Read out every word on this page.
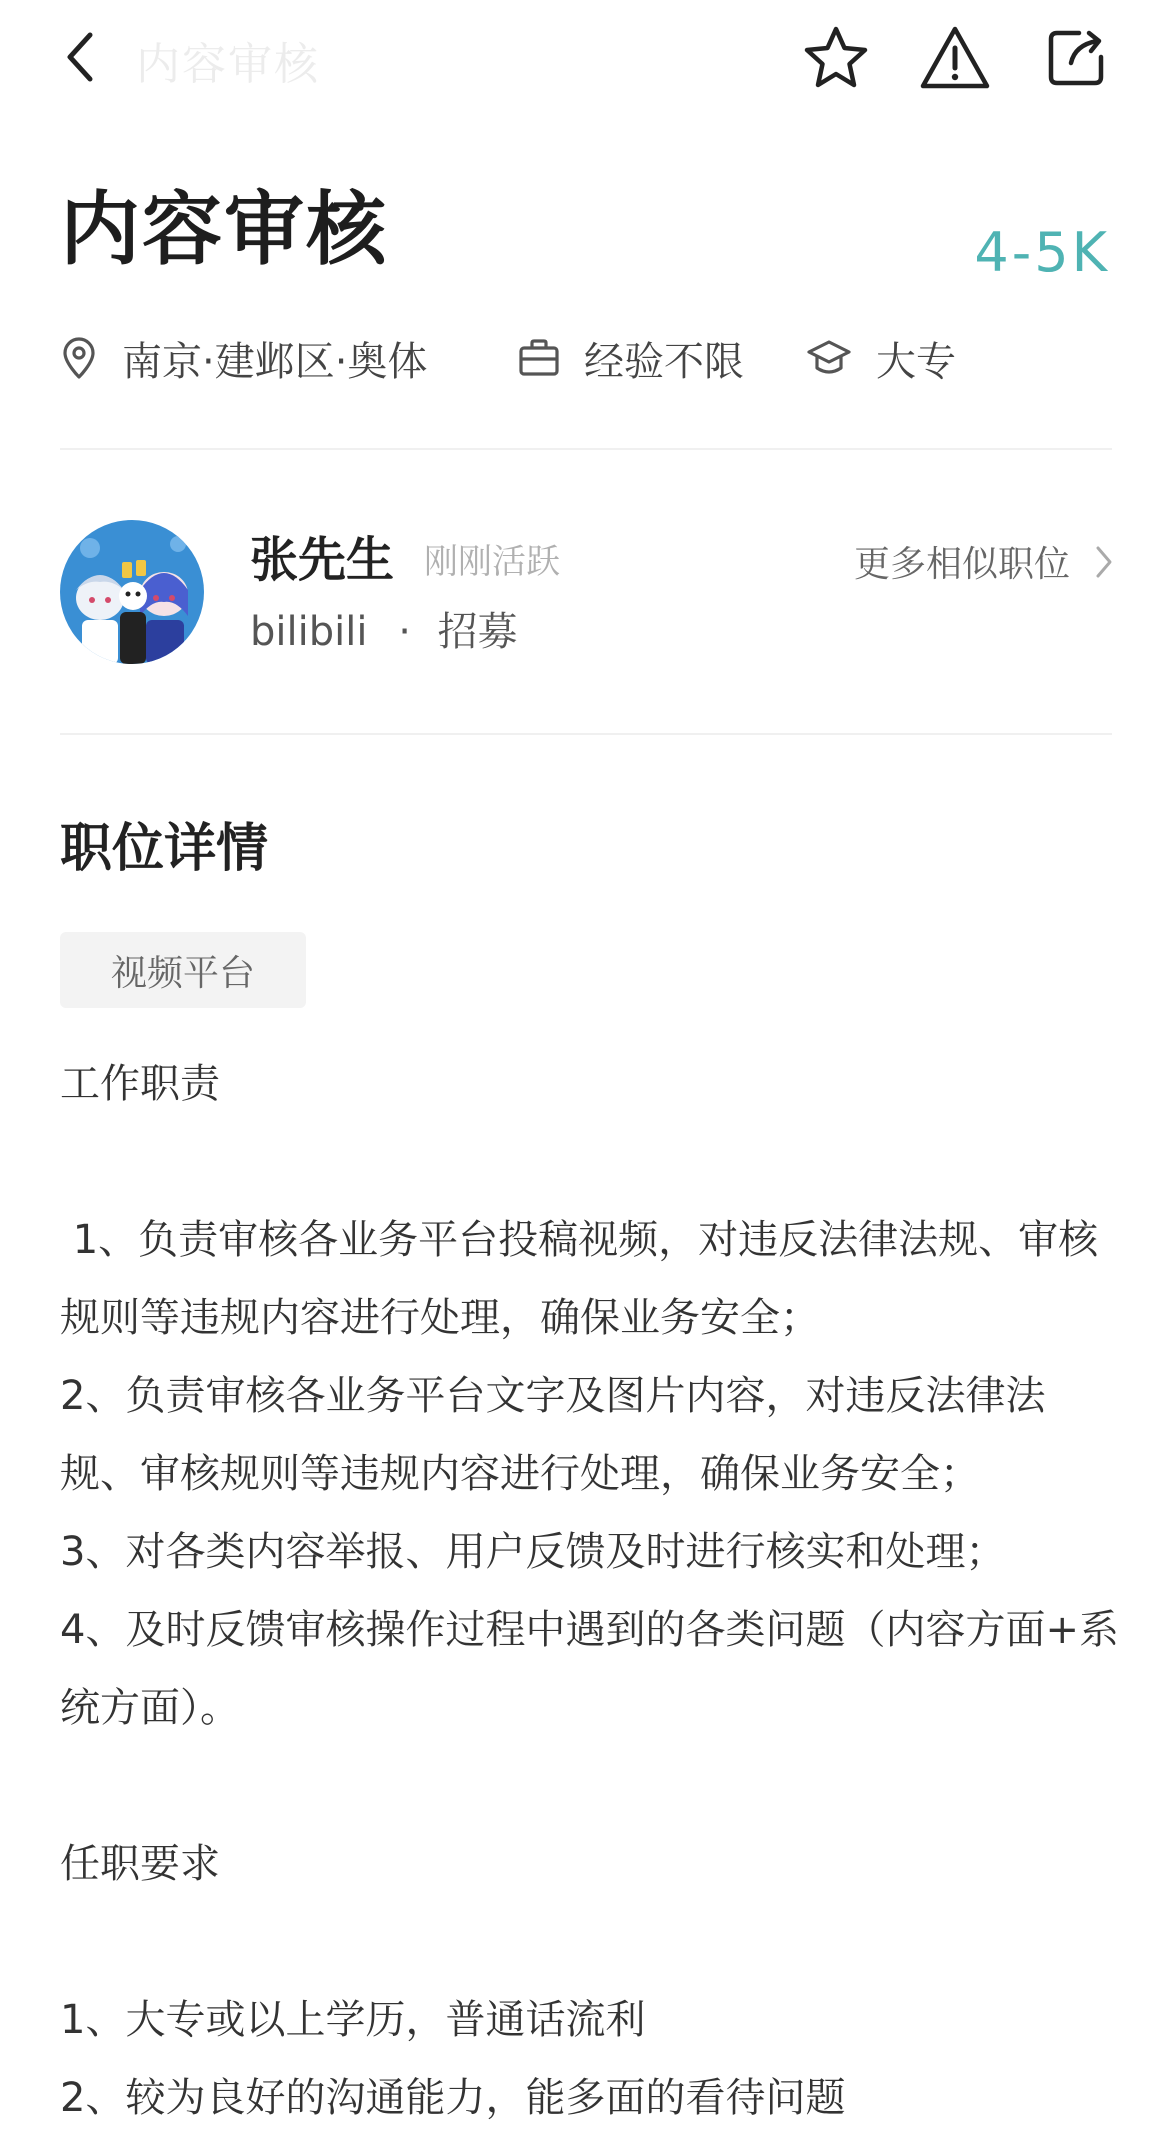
内容审核
内容审核	4-5K
南京·建邺区·奥体	经验不限	大专
张先生 刚刚活跃
bilibili · 招募
更多相似职位
职位详情
视频平台
工作职责

1、负责审核各业务平台投稿视频，对违反法律法规、审核规则等违规内容进行处理，确保业务安全；
2、负责审核各业务平台文字及图片内容，对违反法律法规、审核规则等违规内容进行处理，确保业务安全；
3、对各类内容举报、用户反馈及时进行核实和处理；
4、及时反馈审核操作过程中遇到的各类问题（内容方面+系统方面）。

任职要求

1、大专或以上学历，普通话流利
2、较为良好的沟通能力，能多面的看待问题
